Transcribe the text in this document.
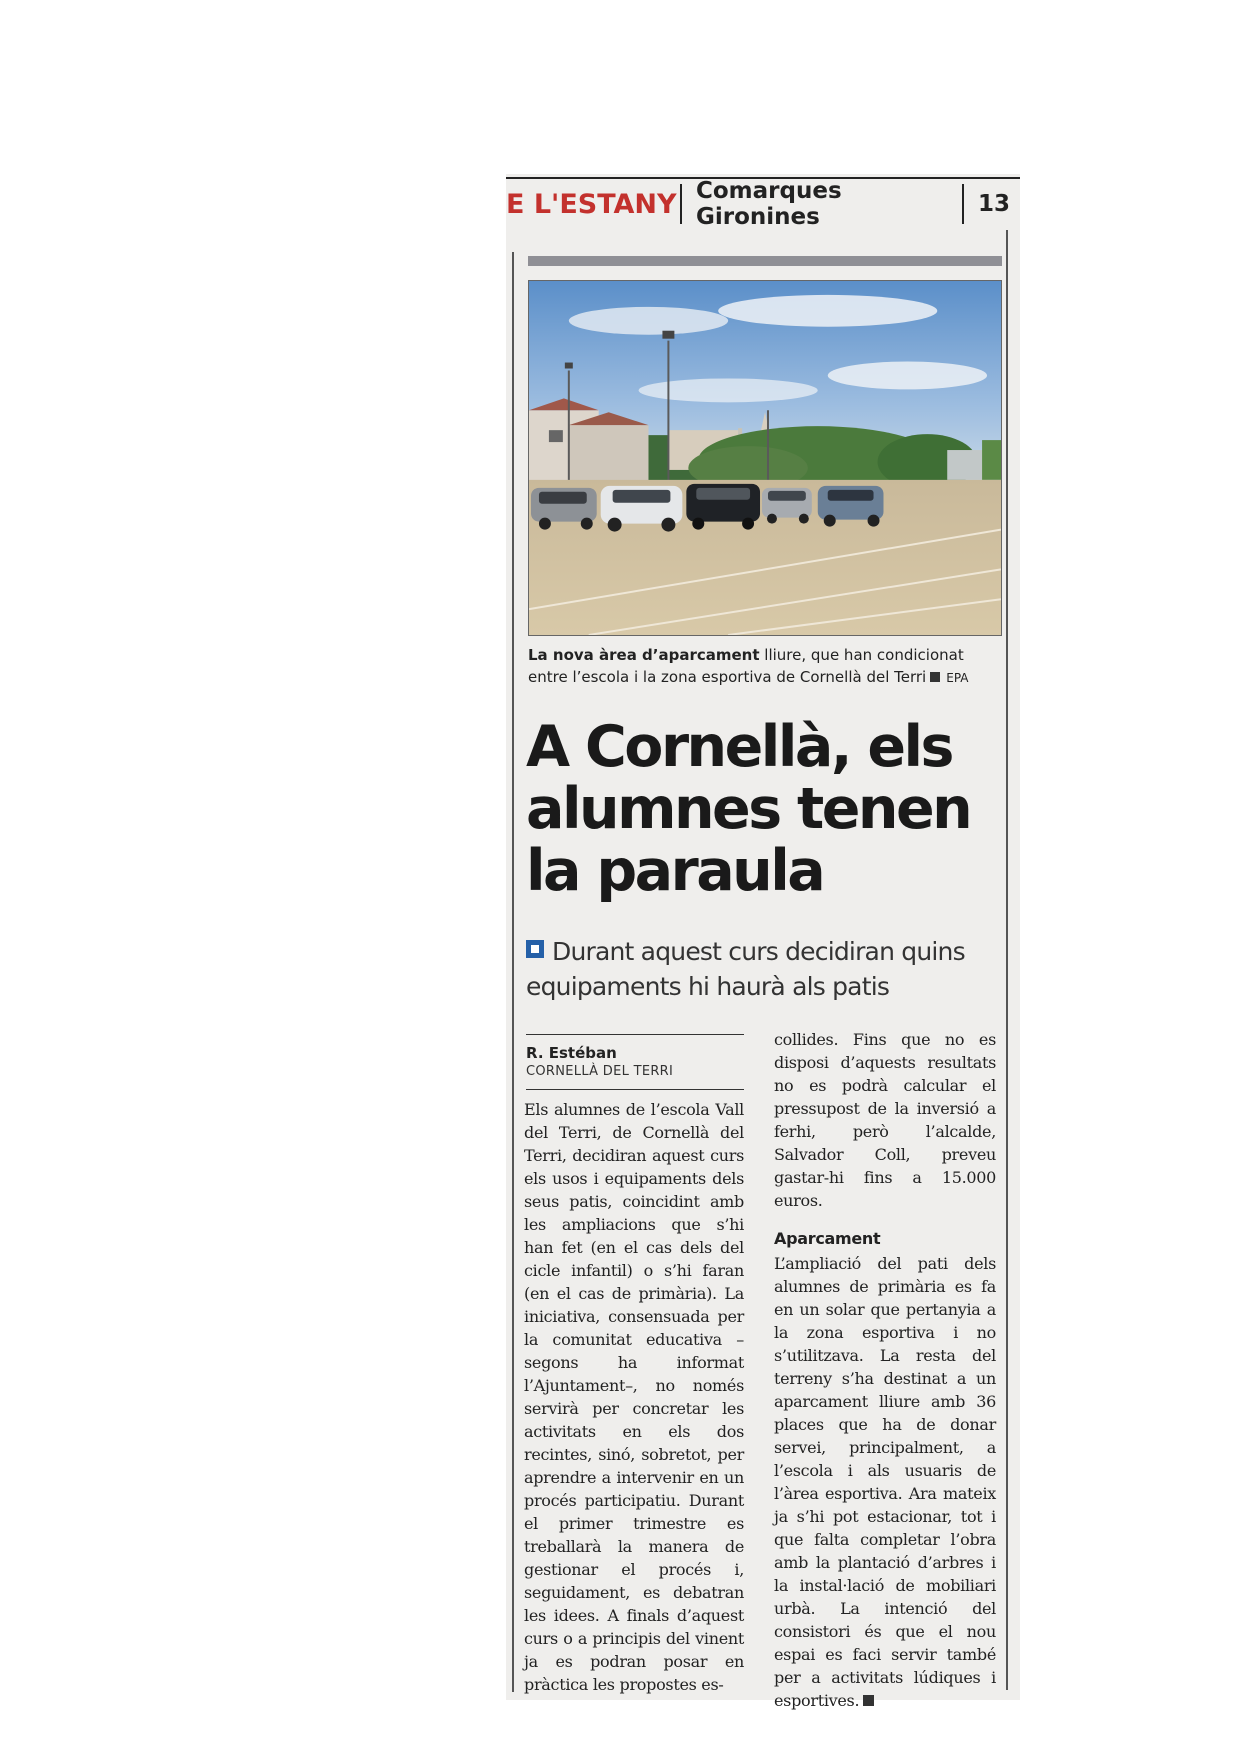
E L'ESTANY Comarques Gironines	13
La nova àrea d’aparcament lliure, que han condicionat entre l’escola i la zona esportiva de Cornellà del Terri EPA
A Cornellà, els alumnes tenen la paraula
Durant aquest curs decidiran quins equipaments hi haurà als patis
R. Estéban
CORNELLÀ DEL TERRI

Els alumnes de l’escola Vall del Terri, de Cornellà del Terri, decidiran aquest curs els usos i equipaments dels seus patis, coincidint amb les ampliacions que s’hi han fet (en el cas dels del cicle infantil) o s’hi faran (en el cas de primària). La iniciativa, consensuada per la comunitat educativa –segons ha informat l’Ajuntament–, no només servirà per concretar les activitats en els dos recintes, sinó, sobretot, per aprendre a intervenir en un procés participatiu. Durant el primer trimestre es treballarà la manera de gestionar el procés i, seguidament, es debatran les idees. A finals d’aquest curs o a principis del vinent ja es podran posar en pràctica les propostes es-

collides. Fins que no es disposi d’aquests resultats no es podrà calcular el pressupost de la inversió a ferhi, però l’alcalde, Salvador Coll, preveu gastar-hi fins a 15.000 euros.

Aparcament

L’ampliació del pati dels alumnes de primària es fa en un solar que pertanyia a la zona esportiva i no s’utilitzava. La resta del terreny s’ha destinat a un aparcament lliure amb 36 places que ha de donar servei, principalment, a l’escola i als usuaris de l’àrea esportiva. Ara mateix ja s’hi pot estacionar, tot i que falta completar l’obra amb la plantació d’arbres i la instal·lació de mobiliari urbà. La intenció del consistori és que el nou espai es faci servir també per a activitats lúdiques i esportives.
